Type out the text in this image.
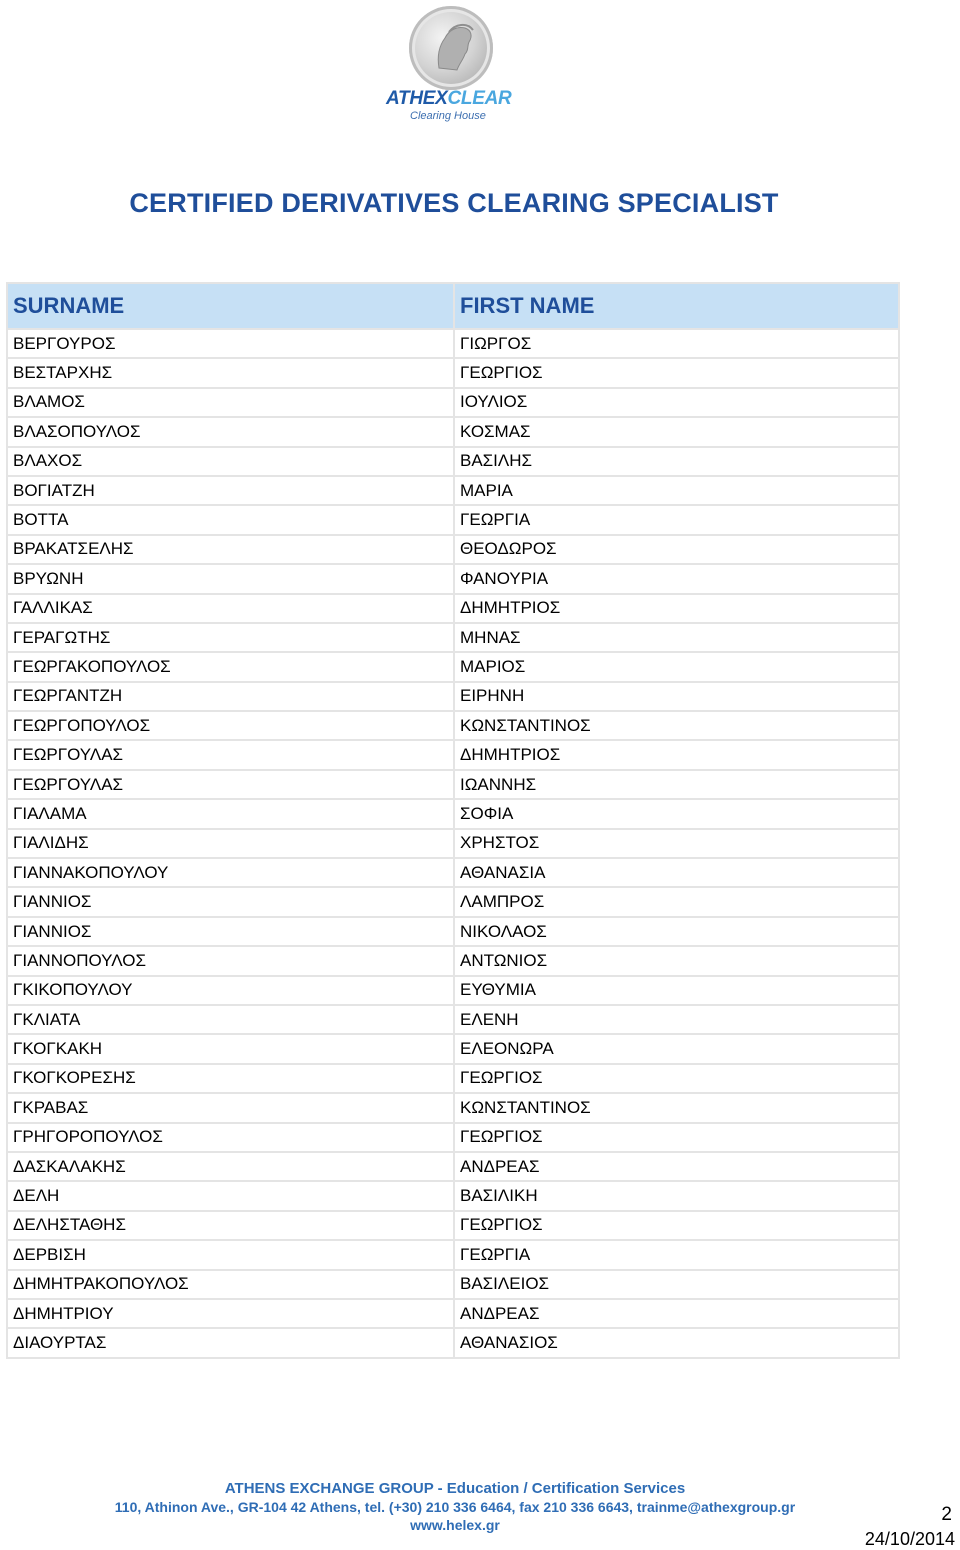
ATHEXCLEAR
Clearing House
CERTIFIED DERIVATIVES CLEARING SPECIALIST
SURNAME	FIRST NAME
ΒΕΡΓΟΥΡΟΣ	ΓΙΩΡΓΟΣ
ΒΕΣΤΑΡΧΗΣ	ΓΕΩΡΓΙΟΣ
ΒΛΑΜΟΣ	ΙΟΥΛΙΟΣ
ΒΛΑΣΟΠΟΥΛΟΣ	ΚΟΣΜΑΣ
ΒΛΑΧΟΣ	ΒΑΣΙΛΗΣ
ΒΟΓΙΑΤΖΗ	ΜΑΡΙΑ
ΒΟΤΤΑ	ΓΕΩΡΓΙΑ
ΒΡΑΚΑΤΣΕΛΗΣ	ΘΕΟΔΩΡΟΣ
ΒΡΥΩΝΗ	ΦΑΝΟΥΡΙΑ
ΓΑΛΛΙΚΑΣ	ΔΗΜΗΤΡΙΟΣ
ΓΕΡΑΓΩΤΗΣ	ΜΗΝΑΣ
ΓΕΩΡΓΑΚΟΠΟΥΛΟΣ	ΜΑΡΙΟΣ
ΓΕΩΡΓΑΝΤΖΗ	ΕΙΡΗΝΗ
ΓΕΩΡΓΟΠΟΥΛΟΣ	ΚΩΝΣΤΑΝΤΙΝΟΣ
ΓΕΩΡΓΟΥΛΑΣ	ΔΗΜΗΤΡΙΟΣ
ΓΕΩΡΓΟΥΛΑΣ	ΙΩΑΝΝΗΣ
ΓΙΑΛΑΜΑ	ΣΟΦΙΑ
ΓΙΑΛΙΔΗΣ	ΧΡΗΣΤΟΣ
ΓΙΑΝΝΑΚΟΠΟΥΛΟΥ	ΑΘΑΝΑΣΙΑ
ΓΙΑΝΝΙΟΣ	ΛΑΜΠΡΟΣ
ΓΙΑΝΝΙΟΣ	ΝΙΚΟΛΑΟΣ
ΓΙΑΝΝΟΠΟΥΛΟΣ	ΑΝΤΩΝΙΟΣ
ΓΚΙΚΟΠΟΥΛΟΥ	ΕΥΘΥΜΙΑ
ΓΚΛΙΑΤΑ	ΕΛΕΝΗ
ΓΚΟΓΚΑΚΗ	ΕΛΕΟΝΩΡΑ
ΓΚΟΓΚΟΡΕΣΗΣ	ΓΕΩΡΓΙΟΣ
ΓΚΡΑΒΑΣ	ΚΩΝΣΤΑΝΤΙΝΟΣ
ΓΡΗΓΟΡΟΠΟΥΛΟΣ	ΓΕΩΡΓΙΟΣ
ΔΑΣΚΑΛΑΚΗΣ	ΑΝΔΡΕΑΣ
ΔΕΛΗ	ΒΑΣΙΛΙΚΗ
ΔΕΛΗΣΤΑΘΗΣ	ΓΕΩΡΓΙΟΣ
ΔΕΡΒΙΣΗ	ΓΕΩΡΓΙΑ
ΔΗΜΗΤΡΑΚΟΠΟΥΛΟΣ	ΒΑΣΙΛΕΙΟΣ
ΔΗΜΗΤΡΙΟΥ	ΑΝΔΡΕΑΣ
ΔΙΑΟΥΡΤΑΣ	ΑΘΑΝΑΣΙΟΣ
ATHENS EXCHANGE GROUP - Education / Certification Services
110, Athinon Ave., GR-104 42 Athens, tel. (+30) 210 336 6464, fax 210 336 6643, trainme@athexgroup.gr
www.helex.gr	2
24/10/2014
